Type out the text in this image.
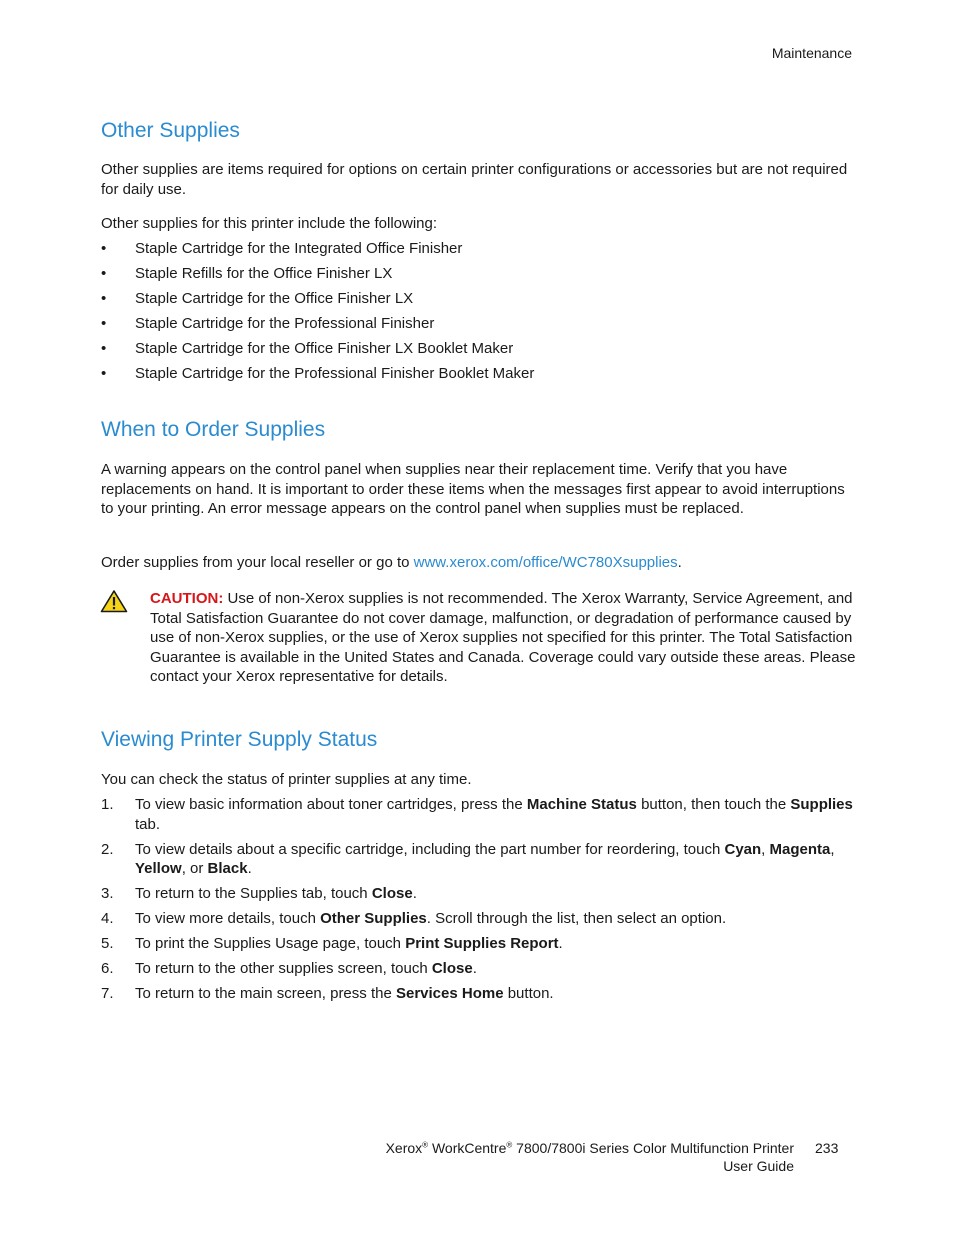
Maintenance
Other Supplies

Other supplies are items required for options on certain printer configurations or accessories but are not required for daily use.

Other supplies for this printer include the following:

• Staple Cartridge for the Integrated Office Finisher
• Staple Refills for the Office Finisher LX
• Staple Cartridge for the Office Finisher LX
• Staple Cartridge for the Professional Finisher
• Staple Cartridge for the Office Finisher LX Booklet Maker
• Staple Cartridge for the Professional Finisher Booklet Maker
When to Order Supplies

A warning appears on the control panel when supplies near their replacement time. Verify that you have replacements on hand. It is important to order these items when the messages first appear to avoid interruptions to your printing. An error message appears on the control panel when supplies must be replaced.

Order supplies from your local reseller or go to www.xerox.com/office/WC780Xsupplies.

CAUTION: Use of non-Xerox supplies is not recommended. The Xerox Warranty, Service Agreement, and Total Satisfaction Guarantee do not cover damage, malfunction, or degradation of performance caused by use of non-Xerox supplies, or the use of Xerox supplies not specified for this printer. The Total Satisfaction Guarantee is available in the United States and Canada. Coverage could vary outside these areas. Please contact your Xerox representative for details.

Viewing Printer Supply Status

You can check the status of printer supplies at any time.

1. To view basic information about toner cartridges, press the Machine Status button, then touch the Supplies tab.
2. To view details about a specific cartridge, including the part number for reordering, touch Cyan, Magenta, Yellow, or Black.
3. To return to the Supplies tab, touch Close.
4. To view more details, touch Other Supplies. Scroll through the list, then select an option.
5. To print the Supplies Usage page, touch Print Supplies Report.
6. To return to the other supplies screen, touch Close.
7. To return to the main screen, press the Services Home button.
Xerox® WorkCentre® 7800/7800i Series Color Multifunction Printer
User Guide
233
